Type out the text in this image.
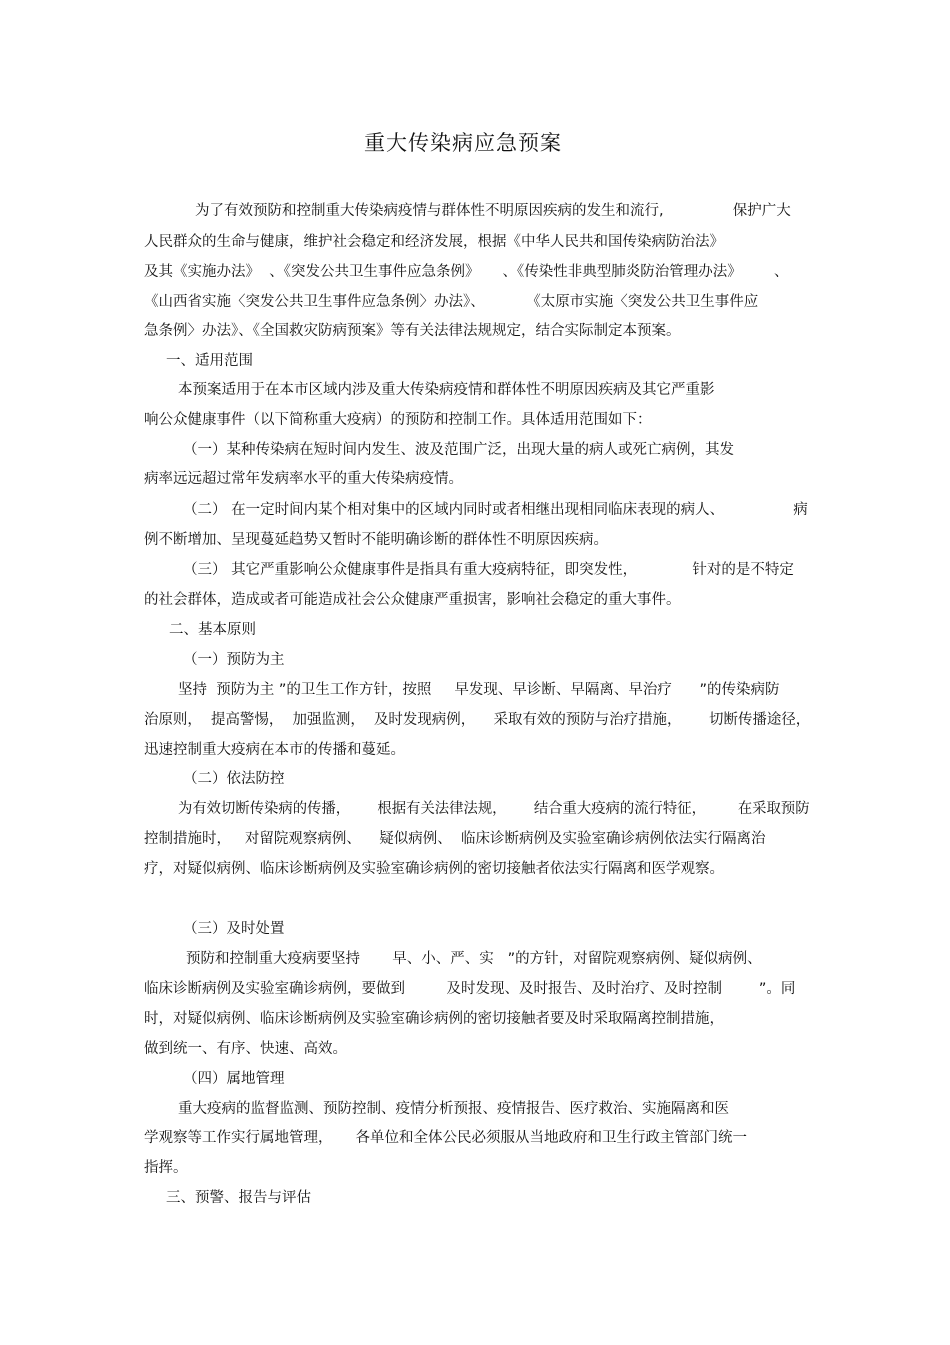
重大传染病应急预案
为了有效预防和控制重大传染病疫情与群体性不明原因疾病的发生和流行,               保护广大
人民群众的生命与健康，维护社会稳定和经济发展，根据《中华人民共和国传染病防治法》
及其《实施办法》  、《突发公共卫生事件应急条例》     、《传染性非典型肺炎防治管理办法》       、
《山西省实施〈突发公共卫生事件应急条例〉办法》、         《太原市实施〈突发公共卫生事件应
急条例〉办法》、《全国救灾防病预案》等有关法律法规规定，结合实际制定本预案。
一、适用范围
本预案适用于在本市区域内涉及重大传染病疫情和群体性不明原因疾病及其它严重影
响公众健康事件（以下简称重大疫病）的预防和控制工作。具体适用范围如下：
（一）某种传染病在短时间内发生、波及范围广泛，出现大量的病人或死亡病例，其发
病率远远超过常年发病率水平的重大传染病疫情。
（二） 在一定时间内某个相对集中的区域内同时或者相继出现相同临床表现的病人、               病
例不断增加、呈现蔓延趋势又暂时不能明确诊断的群体性不明原因疾病。
（三） 其它严重影响公众健康事件是指具有重大疫病特征，即突发性，            针对的是不特定
的社会群体，造成或者可能造成社会公众健康严重损害，影响社会稳定的重大事件。
二、基本原则
（一）预防为主
坚持  预防为主 ”的卫生工作方针，按照     早发现、早诊断、早隔离、早治疗      ”的传染病防
治原则，  提高警惕，  加强监测，  及时发现病例，    采取有效的预防与治疗措施，      切断传播途径，
迅速控制重大疫病在本市的传播和蔓延。
（二）依法防控
为有效切断传染病的传播，      根据有关法律法规，      结合重大疫病的流行特征，       在采取预防
控制措施时，   对留院观察病例、    疑似病例、  临床诊断病例及实验室确诊病例依法实行隔离治
疗，对疑似病例、临床诊断病例及实验室确诊病例的密切接触者依法实行隔离和医学观察。
（三）及时处置
预防和控制重大疫病要坚持       早、小、严、实   ”的方针，对留院观察病例、疑似病例、
临床诊断病例及实验室确诊病例，要做到         及时发现、及时报告、及时治疗、及时控制        ”。同
时，对疑似病例、临床诊断病例及实验室确诊病例的密切接触者要及时采取隔离控制措施，
做到统一、有序、快速、高效。
（四）属地管理
重大疫病的监督监测、预防控制、疫情分析预报、疫情报告、医疗救治、实施隔离和医
学观察等工作实行属地管理，     各单位和全体公民必须服从当地政府和卫生行政主管部门统一
指挥。
三、预警、报告与评估
